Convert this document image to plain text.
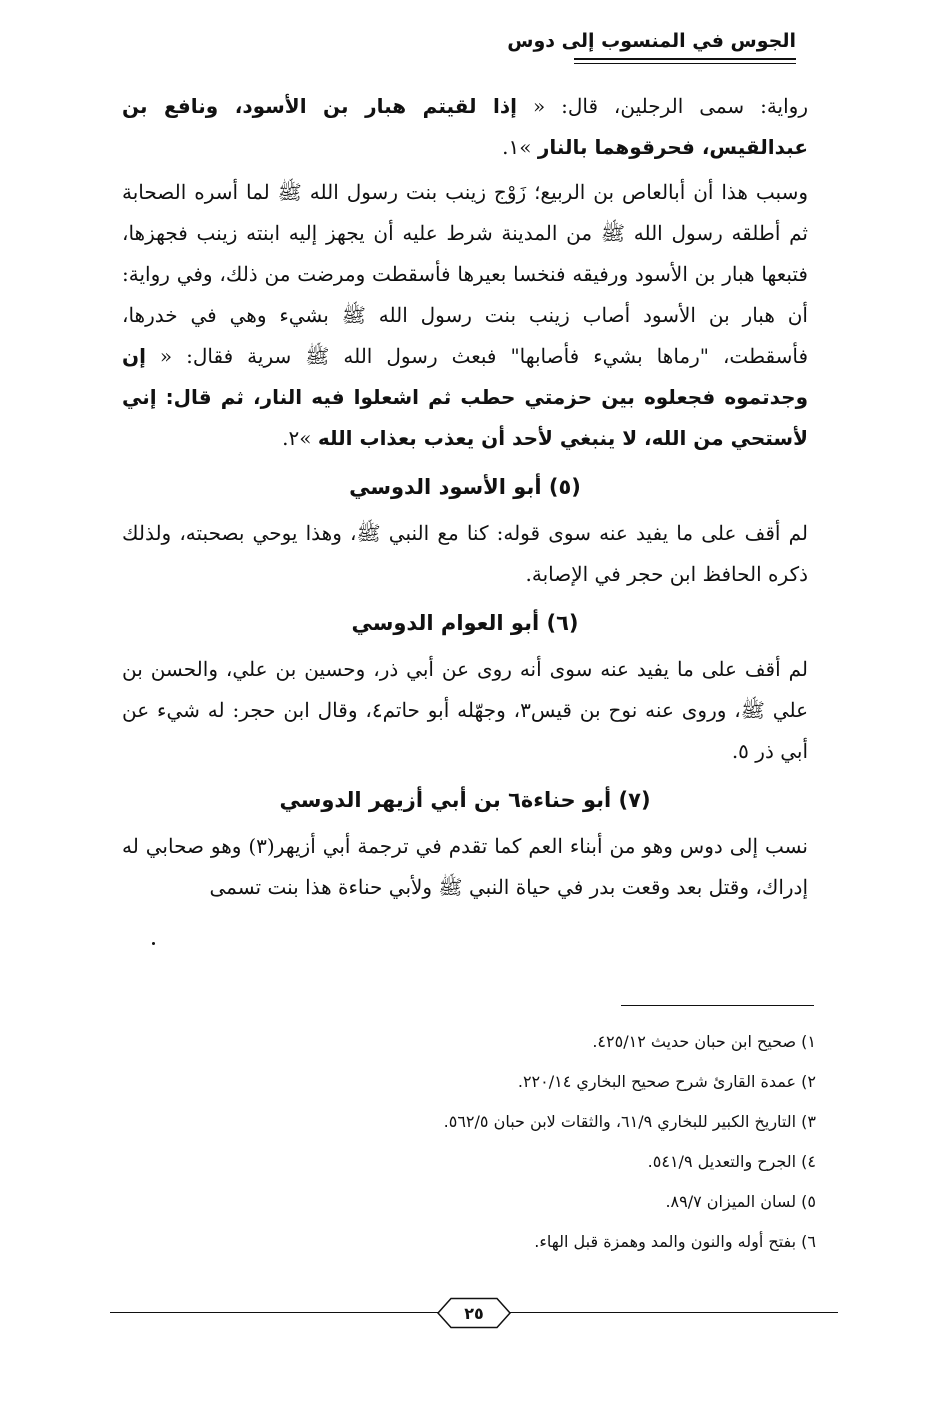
الجوس في المنسوب إلى دوس

رواية: سمى الرجلين، قال: « إذا لقيتم هبار بن الأسود، ونافع بن عبدالقيس، فحرقوهما بالنار »١.

وسبب هذا أن أبالعاص بن الربيع؛ زَوْج زينب بنت رسول الله ﷺ لما أسره الصحابة ثم أطلقه رسول الله ﷺ من المدينة شرط عليه أن يجهز إليه ابنته زينب فجهزها، فتبعها هبار بن الأسود ورفيقه فنخسا بعيرها فأسقطت ومرضت من ذلك، وفي رواية: أن هبار بن الأسود أصاب زينب بنت رسول الله ﷺ بشيء وهي في خدرها، فأسقطت، "رماها بشيء فأصابها" فبعث رسول الله ﷺ سرية فقال: « إن وجدتموه فجعلوه بين حزمتي حطب ثم اشعلوا فيه النار، ثم قال: إني لأستحي من الله، لا ينبغي لأحد أن يعذب بعذاب الله »٢.

(٥) أبو الأسود الدوسي

لم أقف على ما يفيد عنه سوى قوله: كنا مع النبي ﷺ، وهذا يوحي بصحبته، ولذلك ذكره الحافظ ابن حجر في الإصابة.

(٦) أبو العوام الدوسي

لم أقف على ما يفيد عنه سوى أنه روى عن أبي ذر، وحسين بن علي، والحسن بن علي ﷺ، وروى عنه نوح بن قيس٣، وجهّله أبو حاتم٤، وقال ابن حجر: له شيء عن أبي ذر ٥.

(٧) أبو حناءة٦ بن أبي أزيهر الدوسي

نسب إلى دوس وهو من أبناء العم كما تقدم في ترجمة أبي أزيهر(٣) وهو صحابي له إدراك، وقتل بعد وقعت بدر في حياة النبي ﷺ ولأبي حناءة هذا بنت تسمى

١) صحيح ابن حبان حديث ٤٢٥/١٢.
٢) عمدة القارئ شرح صحيح البخاري ٢٢٠/١٤.
٣) التاريخ الكبير للبخاري ٦١/٩، والثقات لابن حبان ٥٦٢/٥.
٤) الجرح والتعديل ٥٤١/٩.
٥) لسان الميزان ٨٩/٧.
٦) بفتح أوله والنون والمد وهمزة قبل الهاء.
٢٥
